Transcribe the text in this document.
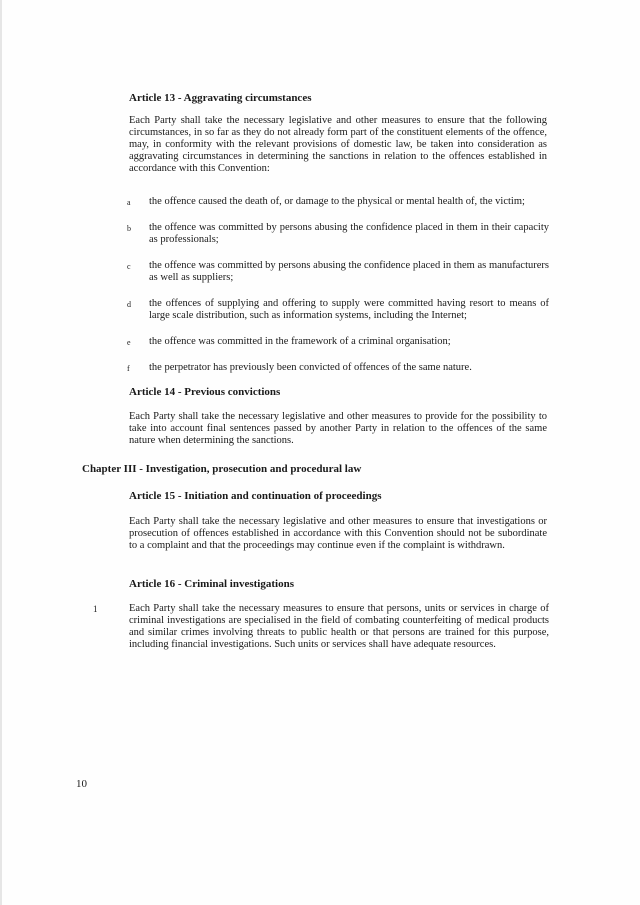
Article 13 - Aggravating circumstances

Each Party shall take the necessary legislative and other measures to ensure that the following circumstances, in so far as they do not already form part of the constituent elements of the offence, may, in conformity with the relevant provisions of domestic law, be taken into consideration as aggravating circumstances in determining the sanctions in relation to the offences established in accordance with this Convention:

a	the offence caused the death of, or damage to the physical or mental health of, the victim;
b	the offence was committed by persons abusing the confidence placed in them in their capacity as professionals;
c	the offence was committed by persons abusing the confidence placed in them as manufacturers as well as suppliers;
d	the offences of supplying and offering to supply were committed having resort to means of large scale distribution, such as information systems, including the Internet;
e	the offence was committed in the framework of a criminal organisation;
f	the perpetrator has previously been convicted of offences of the same nature.
Article 14 - Previous convictions

Each Party shall take the necessary legislative and other measures to provide for the possibility to take into account final sentences passed by another Party in relation to the offences of the same nature when determining the sanctions.

Chapter III - Investigation, prosecution and procedural law
Article 15 - Initiation and continuation of proceedings

Each Party shall take the necessary legislative and other measures to ensure that investigations or prosecution of offences established in accordance with this Convention should not be subordinate to a complaint and that the proceedings may continue even if the complaint is withdrawn.

Article 16 - Criminal investigations
1	Each Party shall take the necessary measures to ensure that persons, units or services in charge of criminal investigations are specialised in the field of combating counterfeiting of medical products and similar crimes involving threats to public health or that persons are trained for this purpose, including financial investigations. Such units or services shall have adequate resources.
10
